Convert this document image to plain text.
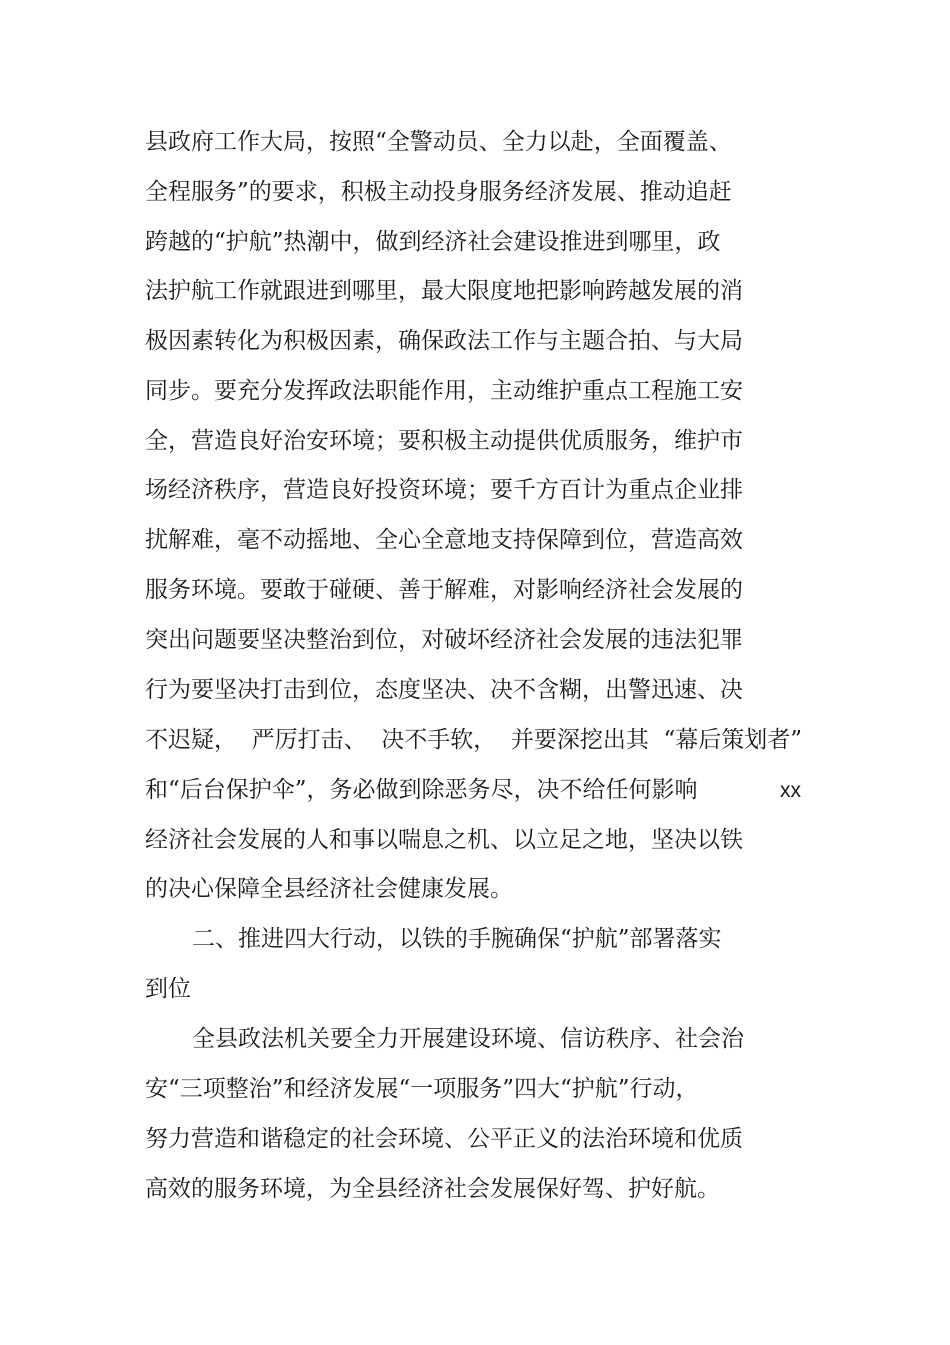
县政府工作大局，按照“全警动员、全力以赴，全面覆盖、
全程服务”的要求，积极主动投身服务经济发展、推动追赶
跨越的“护航”热潮中，做到经济社会建设推进到哪里，政
法护航工作就跟进到哪里，最大限度地把影响跨越发展的消
极因素转化为积极因素，确保政法工作与主题合拍、与大局
同步。要充分发挥政法职能作用，主动维护重点工程施工安
全，营造良好治安环境；要积极主动提供优质服务，维护市
场经济秩序，营造良好投资环境；要千方百计为重点企业排
扰解难，毫不动摇地、全心全意地支持保障到位，营造高效
服务环境。要敢于碰硬、善于解难，对影响经济社会发展的
突出问题要坚决整治到位，对破坏经济社会发展的违法犯罪
行为要坚决打击到位，态度坚决、决不含糊，出警迅速、决
不迟疑，  严厉打击、  决不手软，  并要深挖出其  “幕后策划者”
和“后台保护伞”，务必做到除恶务尽，决不给任何影响	xx
经济社会发展的人和事以喘息之机、以立足之地，坚决以铁
的决心保障全县经济社会健康发展。
二、推进四大行动，以铁的手腕确保“护航”部署落实
到位
全县政法机关要全力开展建设环境、信访秩序、社会治
安“三项整治”和经济发展“一项服务”四大“护航”行动，
努力营造和谐稳定的社会环境、公平正义的法治环境和优质
高效的服务环境，为全县经济社会发展保好驾、护好航。
